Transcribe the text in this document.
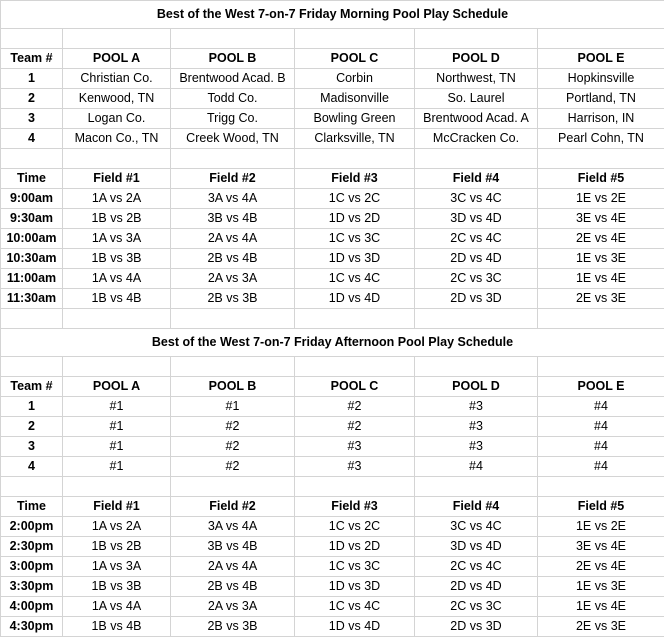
Best of the West 7-on-7 Friday Morning Pool Play Schedule					

Team #	POOL A	POOL B	POOL C	POOL D	POOL E
1	Christian Co.	Brentwood Acad. B	Corbin	Northwest, TN	Hopkinsville
2	Kenwood, TN	Todd Co.	Madisonville	So. Laurel	Portland, TN
3	Logan Co.	Trigg Co.	Bowling Green	Brentwood Acad. A	Harrison, IN
4	Macon Co., TN	Creek Wood, TN	Clarksville, TN	McCracken Co.	Pearl Cohn, TN

Time	Field #1	Field #2	Field #3	Field #4	Field #5
9:00am	1A vs 2A	3A vs 4A	1C vs 2C	3C vs 4C	1E vs 2E
9:30am	1B vs 2B	3B vs 4B	1D vs 2D	3D vs 4D	3E vs 4E
10:00am	1A vs 3A	2A vs 4A	1C vs 3C	2C vs 4C	2E vs 4E
10:30am	1B vs 3B	2B vs 4B	1D vs 3D	2D vs 4D	1E vs 3E
11:00am	1A vs 4A	2A vs 3A	1C vs 4C	2C vs 3C	1E vs 4E
11:30am	1B vs 4B	2B vs 3B	1D vs 4D	2D vs 3D	2E vs 3E

Best of the West 7-on-7 Friday Afternoon Pool Play Schedule					

Team #	POOL A	POOL B	POOL C	POOL D	POOL E
1	#1	#1	#2	#3	#4
2	#1	#2	#2	#3	#4
3	#1	#2	#3	#3	#4
4	#1	#2	#3	#4	#4

Time	Field #1	Field #2	Field #3	Field #4	Field #5
2:00pm	1A vs 2A	3A vs 4A	1C vs 2C	3C vs 4C	1E vs 2E
2:30pm	1B vs 2B	3B vs 4B	1D vs 2D	3D vs 4D	3E vs 4E
3:00pm	1A vs 3A	2A vs 4A	1C vs 3C	2C vs 4C	2E vs 4E
3:30pm	1B vs 3B	2B vs 4B	1D vs 3D	2D vs 4D	1E vs 3E
4:00pm	1A vs 4A	2A vs 3A	1C vs 4C	2C vs 3C	1E vs 4E
4:30pm	1B vs 4B	2B vs 3B	1D vs 4D	2D vs 3D	2E vs 3E
